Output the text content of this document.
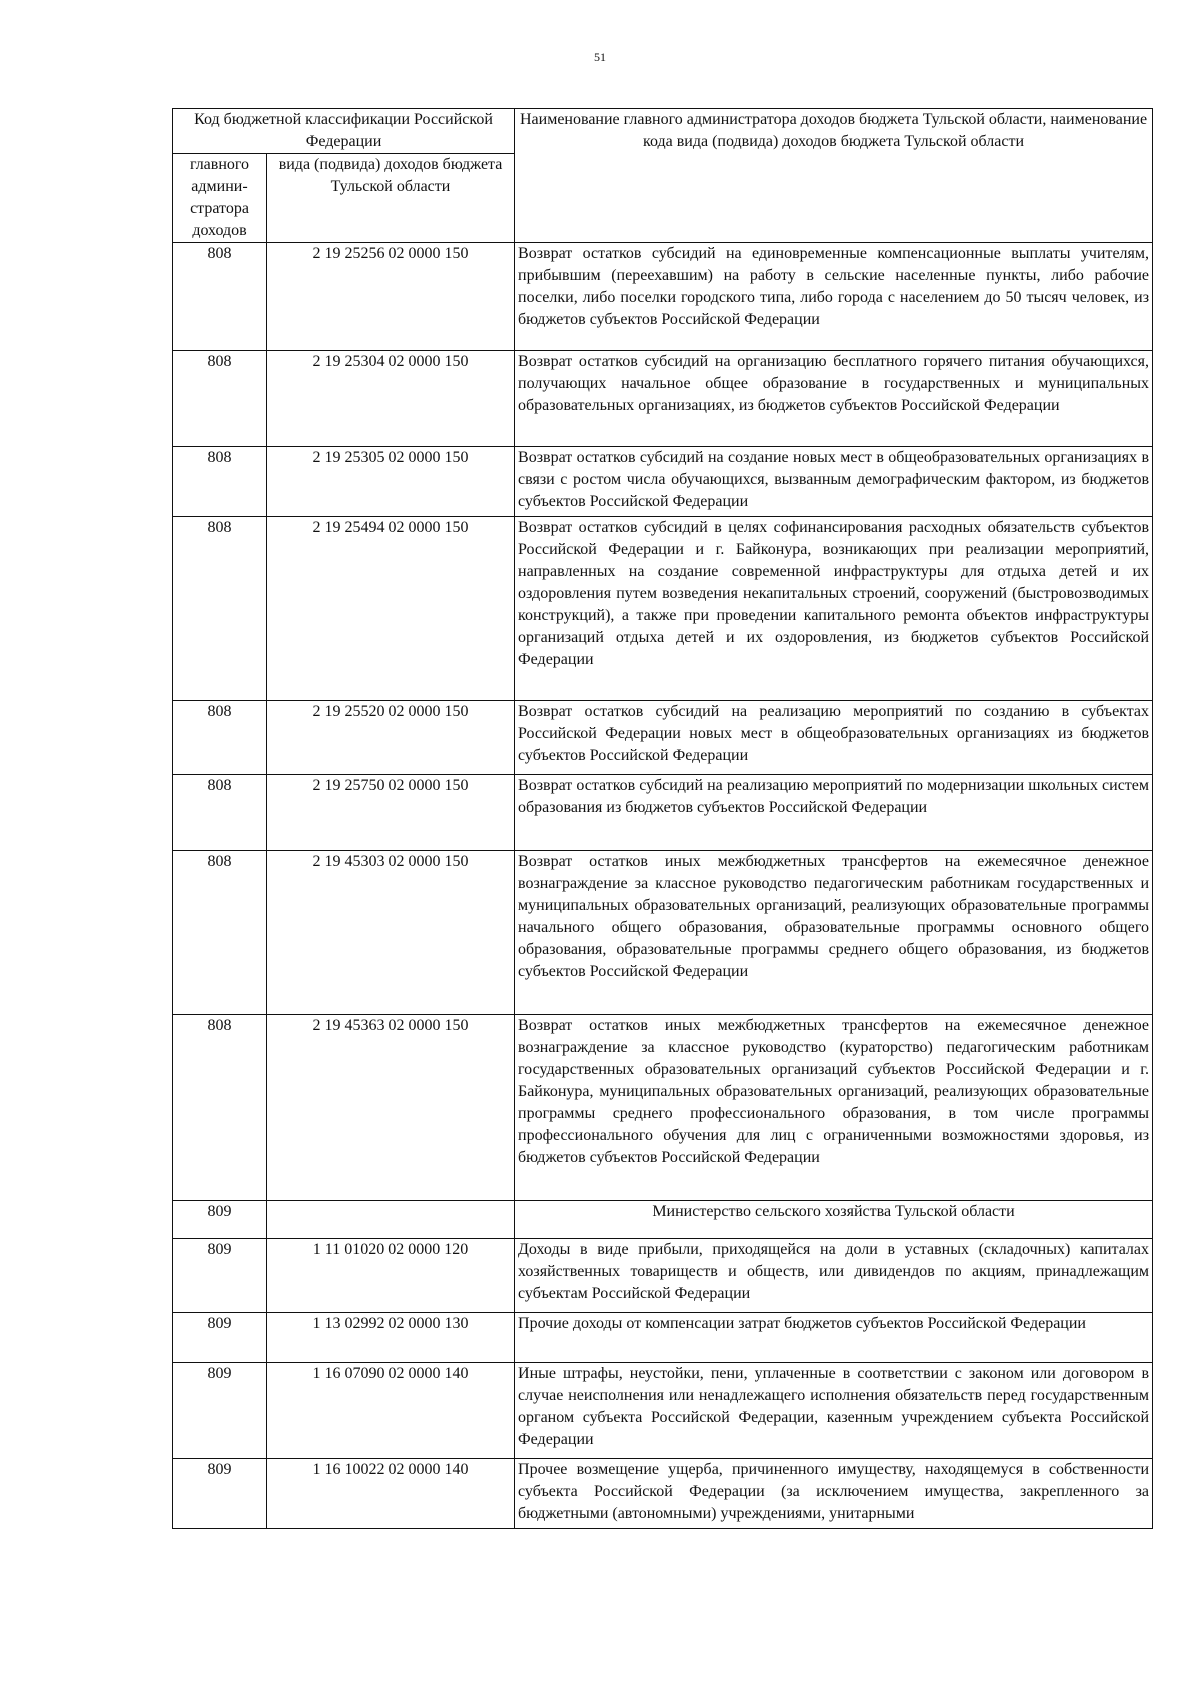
51
Код бюджетной классификации Российской Федерации		Наименование главного администратора доходов бюджета Тульской области, наименование кода вида (подвида) доходов бюджета Тульской области
главного админи-стратора доходов	вида (подвида) доходов бюджета Тульской области	
808	2 19 25256 02 0000 150	Возврат остатков субсидий на единовременные компенсационные выплаты учителям, прибывшим (переехавшим) на работу в сельские населенные пункты, либо рабочие поселки, либо поселки городского типа, либо города с населением до 50 тысяч человек, из бюджетов субъектов Российской Федерации
808	2 19 25304 02 0000 150	Возврат остатков субсидий на организацию бесплатного горячего питания обучающихся, получающих начальное общее образование в государственных и муниципальных образовательных организациях, из бюджетов субъектов Российской Федерации
808	2 19 25305 02 0000 150	Возврат остатков субсидий на создание новых мест в общеобразовательных организациях в связи с ростом числа обучающихся, вызванным демографическим фактором, из бюджетов субъектов Российской Федерации
808	2 19 25494 02 0000 150	Возврат остатков субсидий в целях софинансирования расходных обязательств субъектов Российской Федерации и г. Байконура, возникающих при реализации мероприятий, направленных на создание современной инфраструктуры для отдыха детей и их оздоровления путем возведения некапитальных строений, сооружений (быстровозводимых конструкций), а также при проведении капитального ремонта объектов инфраструктуры организаций отдыха детей и их оздоровления, из бюджетов субъектов Российской Федерации
808	2 19 25520 02 0000 150	Возврат остатков субсидий на реализацию мероприятий по созданию в субъектах Российской Федерации новых мест в общеобразовательных организациях из бюджетов субъектов Российской Федерации
808	2 19 25750 02 0000 150	Возврат остатков субсидий на реализацию мероприятий по модернизации школьных систем образования из бюджетов субъектов Российской Федерации
808	2 19 45303 02 0000 150	Возврат остатков иных межбюджетных трансфертов на ежемесячное денежное вознаграждение за классное руководство педагогическим работникам государственных и муниципальных образовательных организаций, реализующих образовательные программы начального общего образования, образовательные программы основного общего образования, образовательные программы среднего общего образования, из бюджетов субъектов Российской Федерации
808	2 19 45363 02 0000 150	Возврат остатков иных межбюджетных трансфертов на ежемесячное денежное вознаграждение за классное руководство (кураторство) педагогическим работникам государственных образовательных организаций субъектов Российской Федерации и г. Байконура, муниципальных образовательных организаций, реализующих образовательные программы среднего профессионального образования, в том числе программы профессионального обучения для лиц с ограниченными возможностями здоровья, из бюджетов субъектов Российской Федерации
809		Министерство сельского хозяйства Тульской области
809	1 11 01020 02 0000 120	Доходы в виде прибыли, приходящейся на доли в уставных (складочных) капиталах хозяйственных товариществ и обществ, или дивидендов по акциям, принадлежащим субъектам Российской Федерации
809	1 13 02992 02 0000 130	Прочие доходы от компенсации затрат бюджетов субъектов Российской Федерации
809	1 16 07090 02 0000 140	Иные штрафы, неустойки, пени, уплаченные в соответствии с законом или договором в случае неисполнения или ненадлежащего исполнения обязательств перед государственным органом субъекта Российской Федерации, казенным учреждением субъекта Российской Федерации
809	1 16 10022 02 0000 140	Прочее возмещение ущерба, причиненного имуществу, находящемуся в собственности субъекта Российской Федерации (за исключением имущества, закрепленного за бюджетными (автономными) учреждениями, унитарными
